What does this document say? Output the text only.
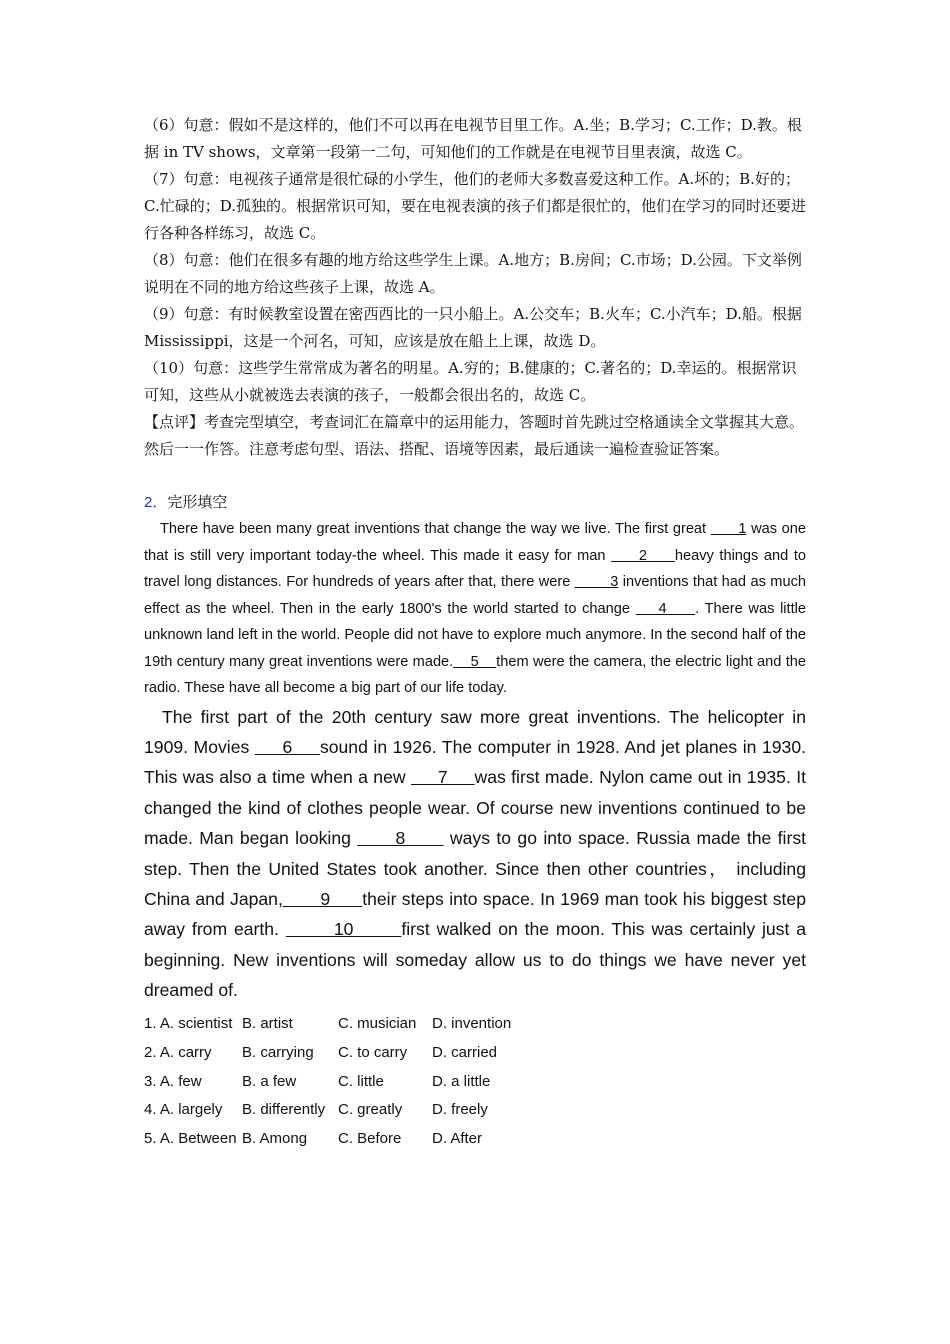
（6）句意：假如不是这样的，他们不可以再在电视节目里工作。A.坐；B.学习；C.工作；D.教。根据 in TV shows，文章第一段第一二句，可知他们的工作就是在电视节目里表演，故选 C。

（7）句意：电视孩子通常是很忙碌的小学生，他们的老师大多数喜爱这种工作。A.坏的；B.好的；C.忙碌的；D.孤独的。根据常识可知，要在电视表演的孩子们都是很忙的，他们在学习的同时还要进行各种各样练习，故选 C。

（8）句意：他们在很多有趣的地方给这些学生上课。A.地方；B.房间；C.市场；D.公园。下文举例说明在不同的地方给这些孩子上课，故选 A。

（9）句意：有时候教室设置在密西西比的一只小船上。A.公交车；B.火车；C.小汽车；D.船。根据 Mississippi，这是一个河名，可知，应该是放在船上上课，故选 D。

（10）句意：这些学生常常成为著名的明星。A.穷的；B.健康的；C.著名的；D.幸运的。根据常识可知，这些从小就被选去表演的孩子，一般都会很出名的，故选 C。

【点评】考查完型填空，考查词汇在篇章中的运用能力，答题时首先跳过空格通读全文掌握其大意。然后一一作答。注意考虑句型、语法、搭配、语境等因素，最后通读一遍检查验证答案。

2．完形填空

There have been many great inventions that change the way we live. The first great       1 was one that is still very important today-the wheel. This made it easy for man      2     heavy things and to travel long distances. For hundreds of years after that, there were         3 inventions that had as much effect as the wheel. Then in the early 1800's the world started to change     4     . There was little unknown land left in the world. People did not have to explore much anymore. In the second half of the 19th century many great inventions were made.    5    them were the camera, the electric light and the radio. These have all become a big part of our life today.

The first part of the 20th century saw more great inventions. The helicopter in 1909. Movies      6     sound in 1926. The computer in 1928. And jet planes in 1930. This was also a time when a new      7     was first made. Nylon came out in 1935. It changed the kind of clothes people wear. Of course new inventions continued to be made. Man began looking       8       ways to go into space. Russia made the first step. Then the United States took another. Since then other countries， including China and Japan,       9      their steps into space. In 1969 man took his biggest step away from earth.        10       first walked on the moon. This was certainly just a beginning. New inventions will someday allow us to do things we have never yet dreamed of.

1. A. scientist	B. artist	C. musician	D. invention
2. A. carry	B. carrying	C. to carry	D. carried
3. A. few	B. a few	C. little	D. a little
4. A. largely	B. differently	C. greatly	D. freely
5. A. Between	B. Among	C. Before	D. After
